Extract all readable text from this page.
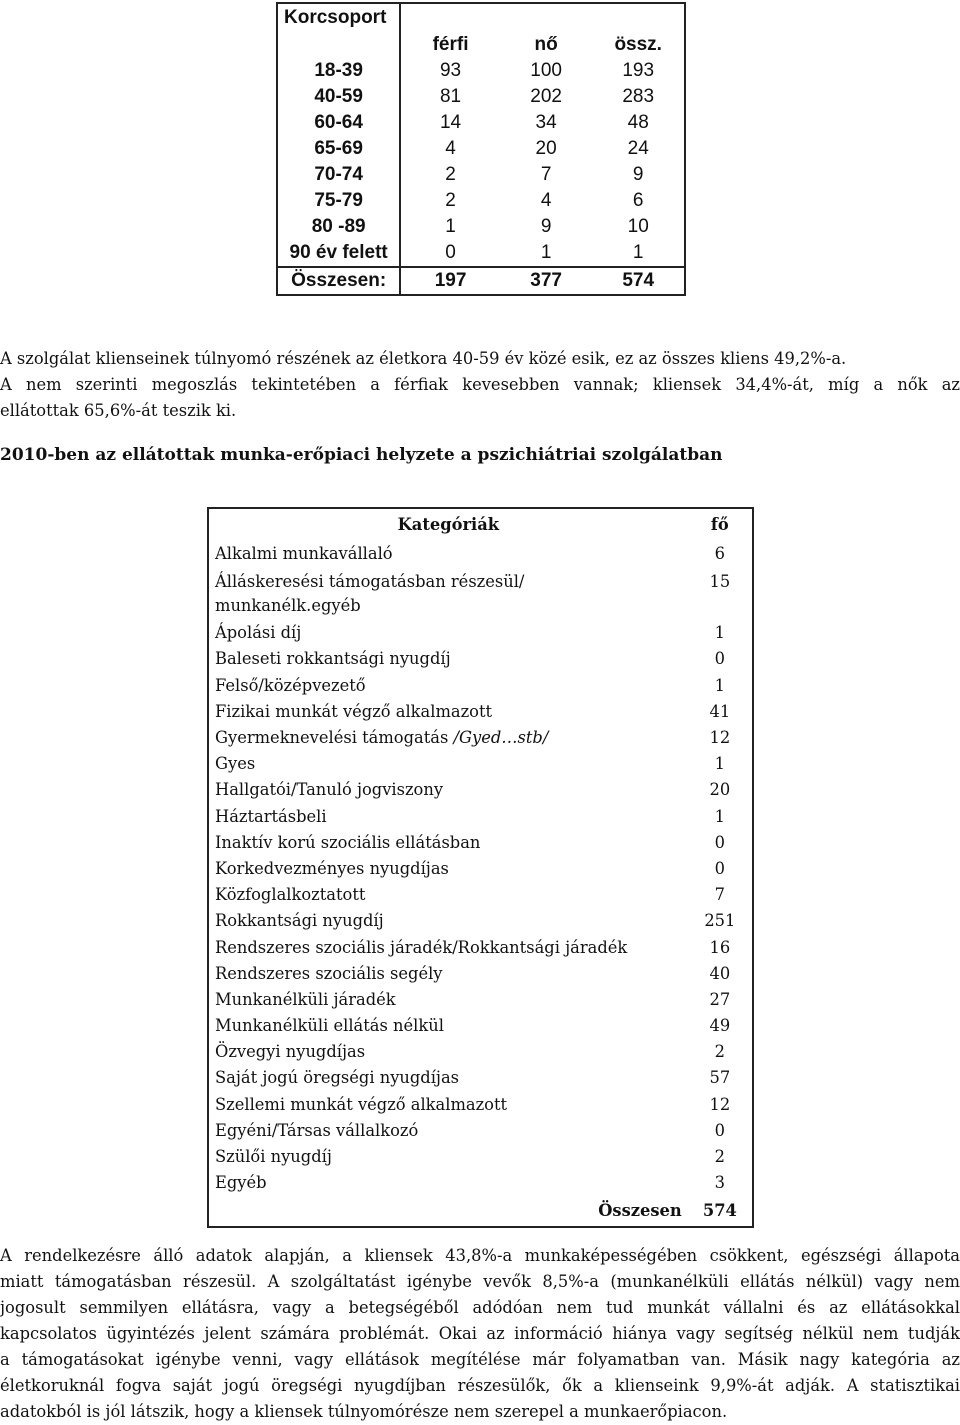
Korcsoport			
	férfi	nő	össz.
18-39	93	100	193
40-59	81	202	283
60-64	14	34	48
65-69	4	20	24
70-74	2	7	9
75-79	2	4	6
80 -89	1	9	10
90 év felett	0	1	1
Összesen:	197	377	574

A szolgálat klienseinek túlnyomó részének az életkora 40-59 év közé esik, ez az összes kliens 49,2%-a.
A nem szerinti megoszlás tekintetében a férfiak kevesebben vannak; kliensek 34,4%-át, míg a nők az
ellátottak 65,6%-át teszik ki.

2010-ben az ellátottak munka-erőpiaci helyzete a pszichiátriai szolgálatban
Kategóriák	fő
Alkalmi munkavállaló	6
Álláskeresési támogatásban részesül/
munkanélk.egyéb	15
Ápolási díj	1
Baleseti rokkantsági nyugdíj	0
Felső/középvezető	1
Fizikai munkát végző alkalmazott	41
Gyermeknevelési támogatás /Gyed…stb/	12
Gyes	1
Hallgatói/Tanuló jogviszony	20
Háztartásbeli	1
Inaktív korú szociális ellátásban	0
Korkedvezményes nyugdíjas	0
Közfoglalkoztatott	7
Rokkantsági nyugdíj	251
Rendszeres szociális járadék/Rokkantsági járadék	16
Rendszeres szociális segély	40
Munkanélküli járadék	27
Munkanélküli ellátás nélkül	49
Özvegyi nyugdíjas	2
Saját jogú öregségi nyugdíjas	57
Szellemi munkát végző alkalmazott	12
Egyéni/Társas vállalkozó	0
Szülői nyugdíj	2
Egyéb	3
Összesen	574

A rendelkezésre álló adatok alapján, a kliensek 43,8%-a munkaképességében csökkent, egészségi állapota
miatt támogatásban részesül. A szolgáltatást igénybe vevők 8,5%-a (munkanélküli ellátás nélkül) vagy nem
jogosult semmilyen ellátásra, vagy a betegségéből adódóan nem tud munkát vállalni és az ellátásokkal
kapcsolatos ügyintézés jelent számára problémát. Okai az információ hiánya vagy segítség nélkül nem tudják
a támogatásokat igénybe venni, vagy ellátások megítélése már folyamatban van. Másik nagy kategória az
életkoruknál fogva saját jogú öregségi nyugdíjban részesülők, ők a klienseink 9,9%-át adják. A statisztikai
adatokból is jól látszik, hogy a kliensek túlnyomórésze nem szerepel a munkaerőpiacon.
